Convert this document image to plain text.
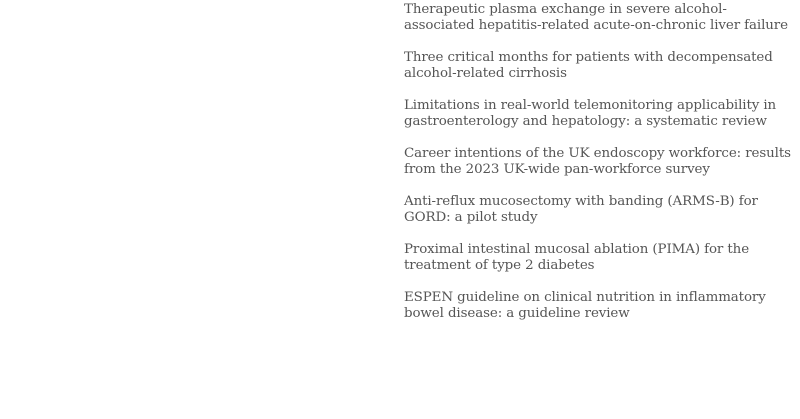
Therapeutic plasma exchange in severe alcohol-associated hepatitis-related acute-on-chronic liver failure
Three critical months for patients with decompensated alcohol-related cirrhosis
Limitations in real-world telemonitoring applicability in gastroenterology and hepatology: a systematic review
Career intentions of the UK endoscopy workforce: results from the 2023 UK-wide pan-workforce survey
Anti-reflux mucosectomy with banding (ARMS-B) for GORD: a pilot study
Proximal intestinal mucosal ablation (PIMA) for the treatment of type 2 diabetes
ESPEN guideline on clinical nutrition in inflammatory bowel disease: a guideline review
